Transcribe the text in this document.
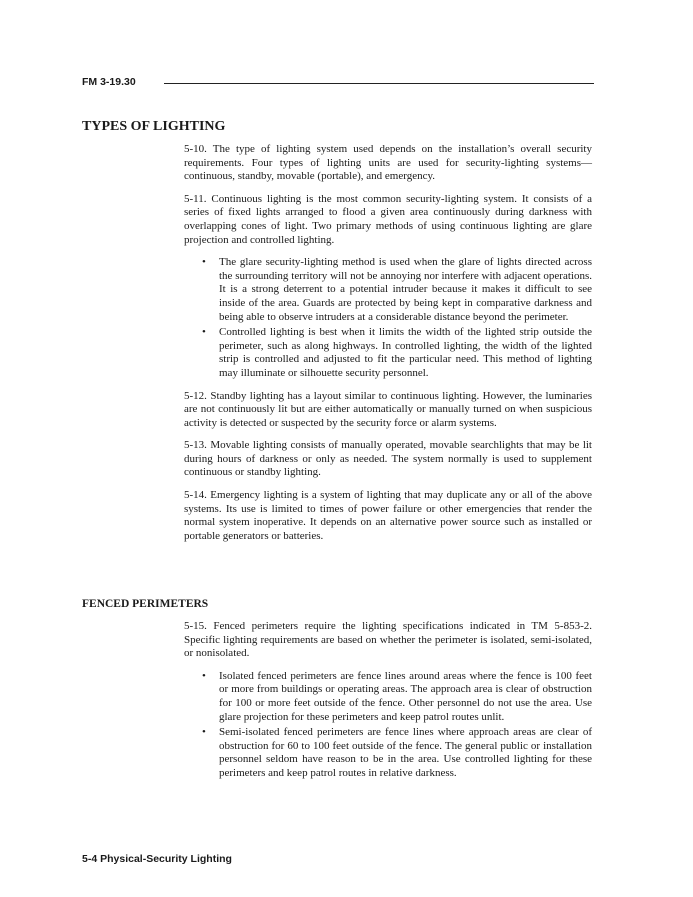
FM 3-19.30
TYPES OF LIGHTING

5-10. The type of lighting system used depends on the installation’s overall security requirements. Four types of lighting units are used for security-lighting systems—continuous, standby, movable (portable), and emergency.

5-11. Continuous lighting is the most common security-lighting system. It consists of a series of fixed lights arranged to flood a given area continuously during darkness with overlapping cones of light. Two primary methods of using continuous lighting are glare projection and controlled lighting.

•	The glare security-lighting method is used when the glare of lights directed across the surrounding territory will not be annoying nor interfere with adjacent operations. It is a strong deterrent to a potential intruder because it makes it difficult to see inside of the area. Guards are protected by being kept in comparative darkness and being able to observe intruders at a considerable distance beyond the perimeter.
•	Controlled lighting is best when it limits the width of the lighted strip outside the perimeter, such as along highways. In controlled lighting, the width of the lighted strip is controlled and adjusted to fit the particular need. This method of lighting may illuminate or silhouette security personnel.

5-12. Standby lighting has a layout similar to continuous lighting. However, the luminaries are not continuously lit but are either automatically or manually turned on when suspicious activity is detected or suspected by the security force or alarm systems.

5-13. Movable lighting consists of manually operated, movable searchlights that may be lit during hours of darkness or only as needed. The system normally is used to supplement continuous or standby lighting.

5-14. Emergency lighting is a system of lighting that may duplicate any or all of the above systems. Its use is limited to times of power failure or other emergencies that render the normal system inoperative. It depends on an alternative power source such as installed or portable generators or batteries.

FENCED PERIMETERS

5-15. Fenced perimeters require the lighting specifications indicated in TM 5-853-2. Specific lighting requirements are based on whether the perimeter is isolated, semi-isolated, or nonisolated.

•	Isolated fenced perimeters are fence lines around areas where the fence is 100 feet or more from buildings or operating areas. The approach area is clear of obstruction for 100 or more feet outside of the fence. Other personnel do not use the area. Use glare projection for these perimeters and keep patrol routes unlit.
•	Semi-isolated fenced perimeters are fence lines where approach areas are clear of obstruction for 60 to 100 feet outside of the fence. The general public or installation personnel seldom have reason to be in the area. Use controlled lighting for these perimeters and keep patrol routes in relative darkness.
5-4 Physical-Security Lighting
